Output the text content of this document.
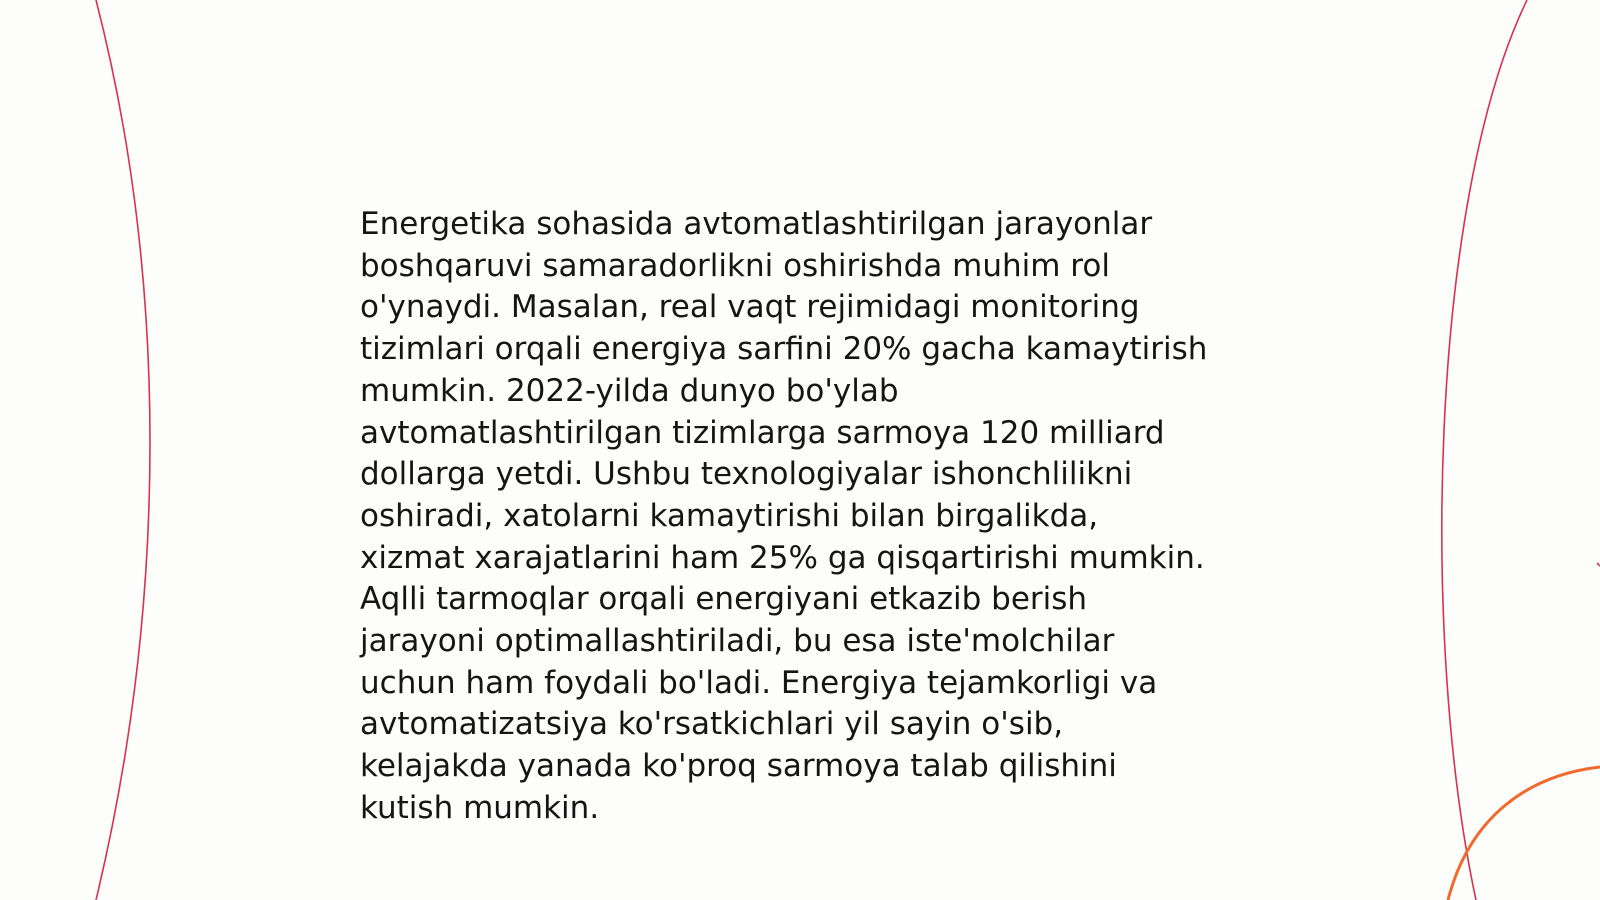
Energetika sohasida avtomatlashtirilgan jarayonlar
boshqaruvi samaradorlikni oshirishda muhim rol
o'ynaydi. Masalan, real vaqt rejimidagi monitoring
tizimlari orqali energiya sarfini 20% gacha kamaytirish
mumkin. 2022-yilda dunyo bo'ylab
avtomatlashtirilgan tizimlarga sarmoya 120 milliard
dollarga yetdi. Ushbu texnologiyalar ishonchlilikni
oshiradi, xatolarni kamaytirishi bilan birgalikda,
xizmat xarajatlarini ham 25% ga qisqartirishi mumkin.
Aqlli tarmoqlar orqali energiyani etkazib berish
jarayoni optimallashtiriladi, bu esa iste'molchilar
uchun ham foydali bo'ladi. Energiya tejamkorligi va
avtomatizatsiya ko'rsatkichlari yil sayin o'sib,
kelajakda yanada ko'proq sarmoya talab qilishini
kutish mumkin.
